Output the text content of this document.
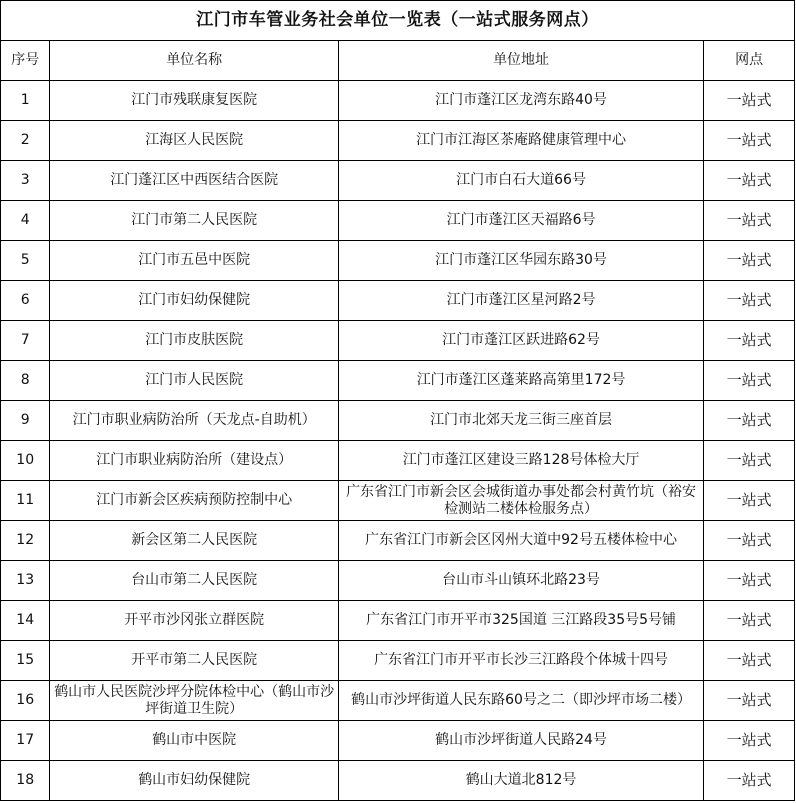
江门市车管业务社会单位一览表（一站式服务网点）			
序号	单位名称	单位地址	网点
1	江门市残联康复医院	江门市蓬江区龙湾东路40号	一站式
2	江海区人民医院	江门市江海区茶庵路健康管理中心	一站式
3	江门蓬江区中西医结合医院	江门市白石大道66号	一站式
4	江门市第二人民医院	江门市蓬江区天福路6号	一站式
5	江门市五邑中医院	江门市蓬江区华园东路30号	一站式
6	江门市妇幼保健院	江门市蓬江区星河路2号	一站式
7	江门市皮肤医院	江门市蓬江区跃进路62号	一站式
8	江门市人民医院	江门市蓬江区蓬莱路高第里172号	一站式
9	江门市职业病防治所（天龙点-自助机）	江门市北郊天龙三街三座首层	一站式
10	江门市职业病防治所（建设点）	江门市蓬江区建设三路128号体检大厅	一站式
11	江门市新会区疾病预防控制中心	广东省江门市新会区会城街道办事处都会村黄竹坑（裕安检测站二楼体检服务点）	一站式
12	新会区第二人民医院	广东省江门市新会区冈州大道中92号五楼体检中心	一站式
13	台山市第二人民医院	台山市斗山镇环北路23号	一站式
14	开平市沙冈张立群医院	广东省江门市开平市325国道 三江路段35号5号铺	一站式
15	开平市第二人民医院	广东省江门市开平市长沙三江路段个体城十四号	一站式
16	鹤山市人民医院沙坪分院体检中心（鹤山市沙坪街道卫生院）	鹤山市沙坪街道人民东路60号之二（即沙坪市场二楼）	一站式
17	鹤山市中医院	鹤山市沙坪街道人民路24号	一站式
18	鹤山市妇幼保健院	鹤山大道北812号	一站式
